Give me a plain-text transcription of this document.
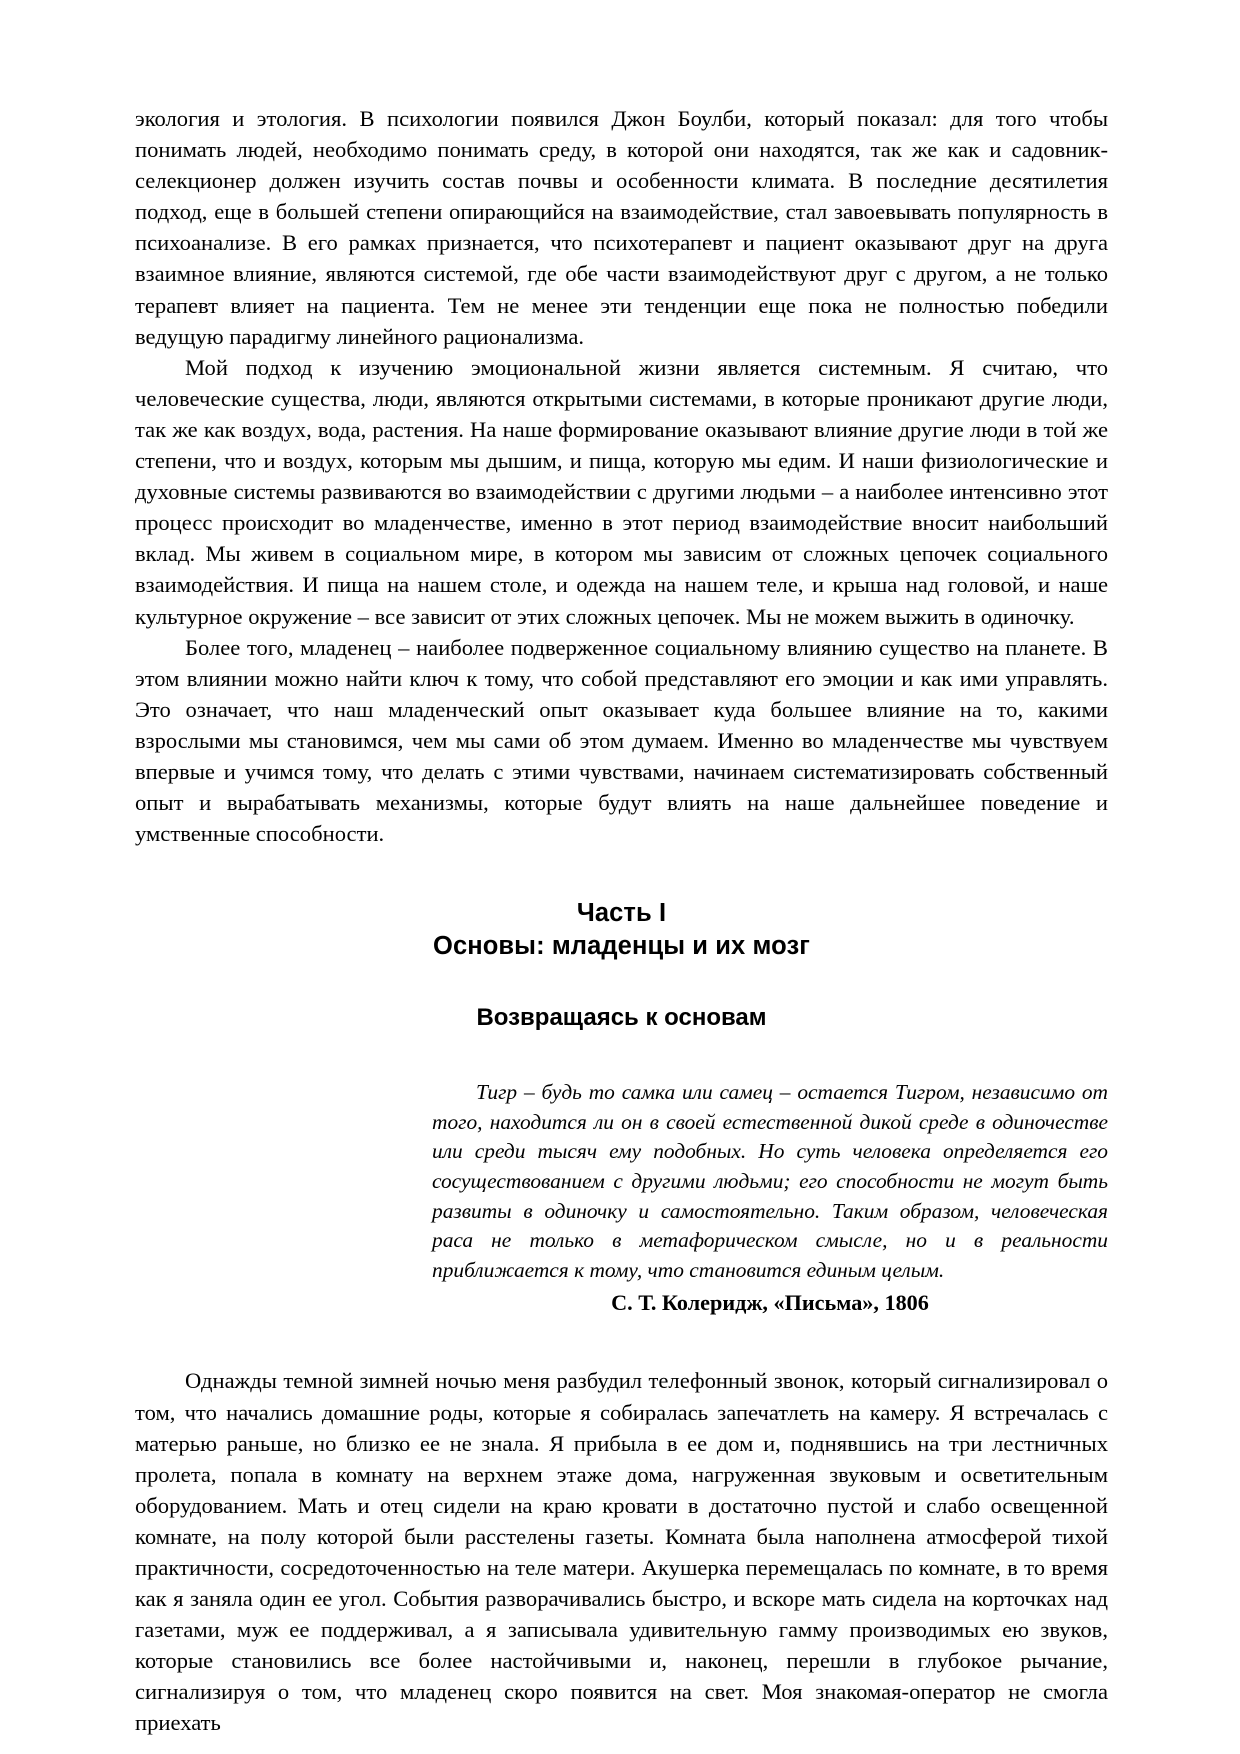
экология и этология. В психологии появился Джон Боулби, который показал: для того чтобы понимать людей, необходимо понимать среду, в которой они находятся, так же как и садовник-селекционер должен изучить состав почвы и особенности климата. В последние десятилетия подход, еще в большей степени опирающийся на взаимодействие, стал завоевывать популярность в психоанализе. В его рамках признается, что психотерапевт и пациент оказывают друг на друга взаимное влияние, являются системой, где обе части взаимодействуют друг с другом, а не только терапевт влияет на пациента. Тем не менее эти тенденции еще пока не полностью победили ведущую парадигму линейного рационализма.

Мой подход к изучению эмоциональной жизни является системным. Я считаю, что человеческие существа, люди, являются открытыми системами, в которые проникают другие люди, так же как воздух, вода, растения. На наше формирование оказывают влияние другие люди в той же степени, что и воздух, которым мы дышим, и пища, которую мы едим. И наши физиологические и духовные системы развиваются во взаимодействии с другими людьми – а наиболее интенсивно этот процесс происходит во младенчестве, именно в этот период взаимодействие вносит наибольший вклад. Мы живем в социальном мире, в котором мы зависим от сложных цепочек социального взаимодействия. И пища на нашем столе, и одежда на нашем теле, и крыша над головой, и наше культурное окружение – все зависит от этих сложных цепочек. Мы не можем выжить в одиночку.

Более того, младенец – наиболее подверженное социальному влиянию существо на планете. В этом влиянии можно найти ключ к тому, что собой представляют его эмоции и как ими управлять. Это означает, что наш младенческий опыт оказывает куда большее влияние на то, какими взрослыми мы становимся, чем мы сами об этом думаем. Именно во младенчестве мы чувствуем впервые и учимся тому, что делать с этими чувствами, начинаем систематизировать собственный опыт и вырабатывать механизмы, которые будут влиять на наше дальнейшее поведение и умственные способности.

Часть I
Основы: младенцы и их мозг
Возвращаясь к основам

Тигр – будь то самка или самец – остается Тигром, независимо от того, находится ли он в своей естественной дикой среде в одиночестве или среди тысяч ему подобных. Но суть человека определяется его сосуществованием с другими людьми; его способности не могут быть развиты в одиночку и самостоятельно. Таким образом, человеческая раса не только в метафорическом смысле, но и в реальности приближается к тому, что становится единым целым.

С. Т. Колеридж, «Письма», 1806

Однажды темной зимней ночью меня разбудил телефонный звонок, который сигнализировал о том, что начались домашние роды, которые я собиралась запечатлеть на камеру. Я встречалась с матерью раньше, но близко ее не знала. Я прибыла в ее дом и, поднявшись на три лестничных пролета, попала в комнату на верхнем этаже дома, нагруженная звуковым и осветительным оборудованием. Мать и отец сидели на краю кровати в достаточно пустой и слабо освещенной комнате, на полу которой были расстелены газеты. Комната была наполнена атмосферой тихой практичности, сосредоточенностью на теле матери. Акушерка перемещалась по комнате, в то время как я заняла один ее угол. События разворачивались быстро, и вскоре мать сидела на корточках над газетами, муж ее поддерживал, а я записывала удивительную гамму производимых ею звуков, которые становились все более настойчивыми и, наконец, перешли в глубокое рычание, сигнализируя о том, что младенец скоро появится на свет. Моя знакомая-оператор не смогла приехать
